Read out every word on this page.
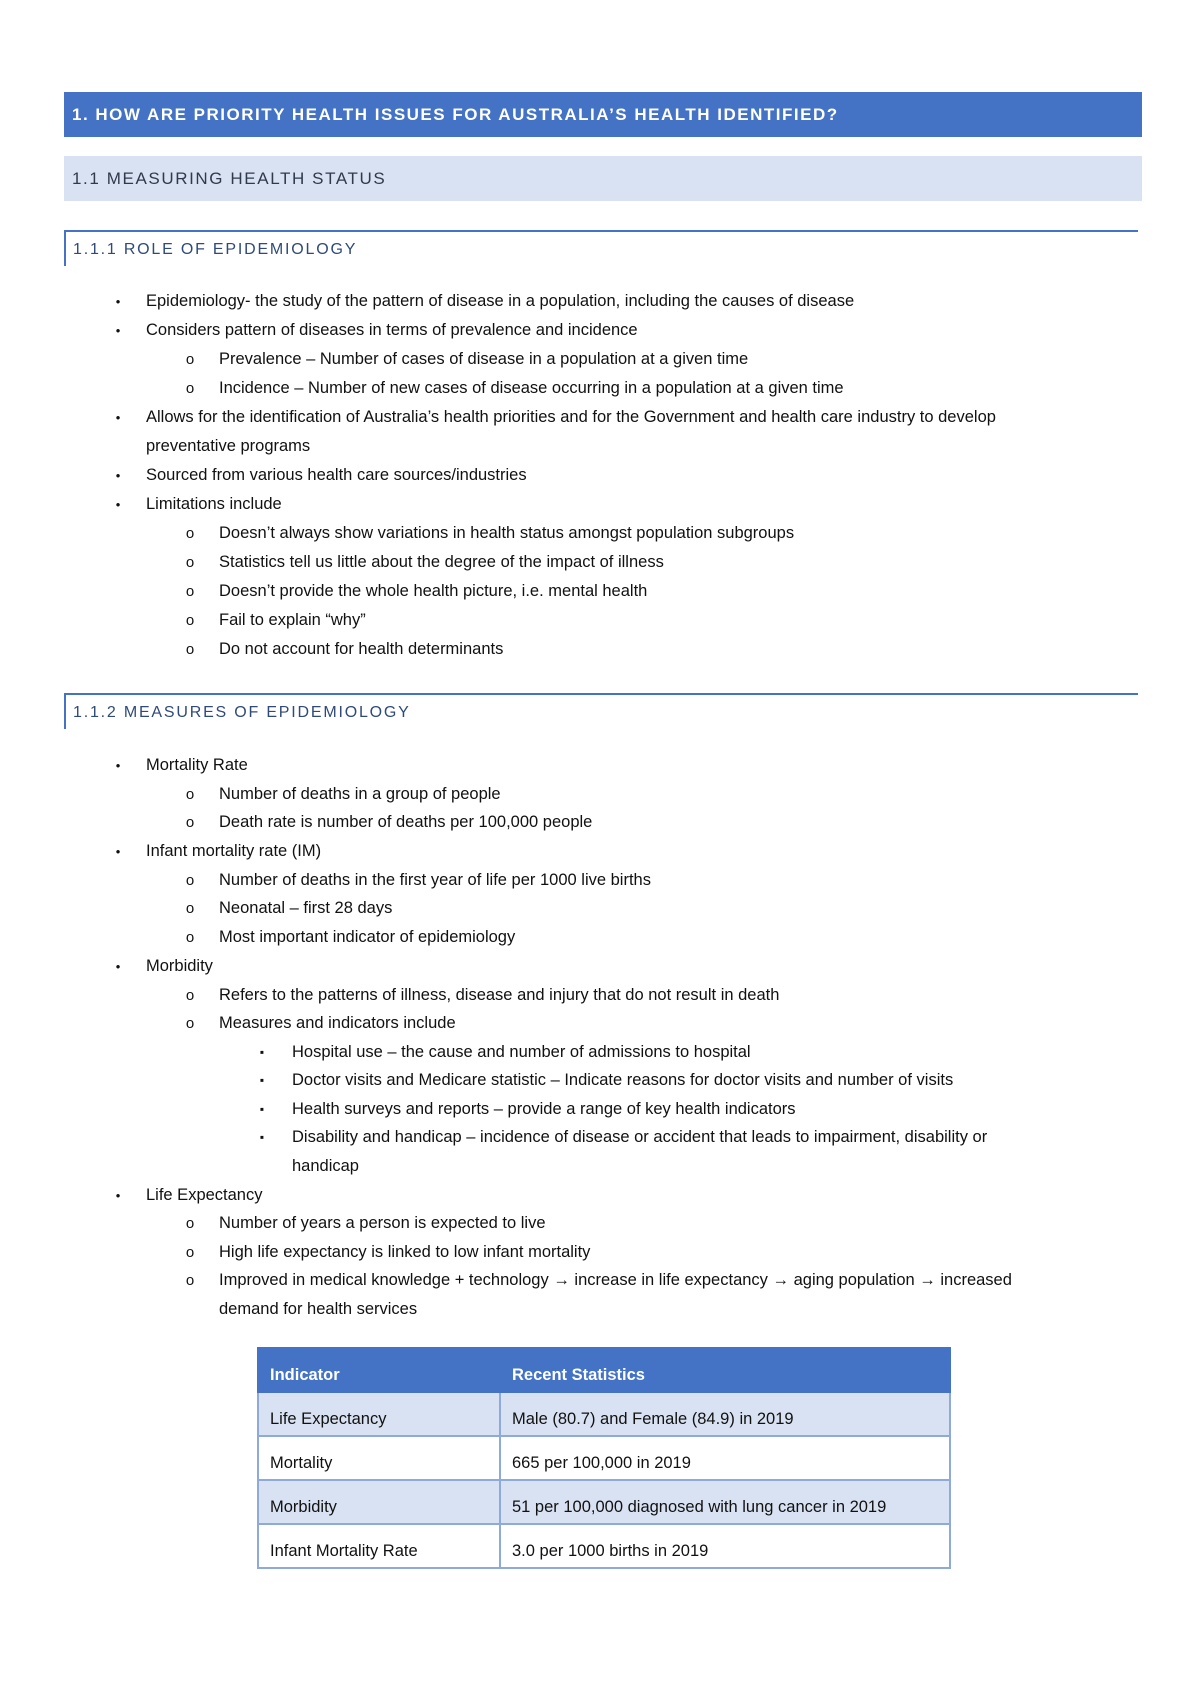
1. HOW ARE PRIORITY HEALTH ISSUES FOR AUSTRALIA’S HEALTH IDENTIFIED?
1.1 MEASURING HEALTH STATUS
1.1.1 ROLE OF EPIDEMIOLOGY
•	Epidemiology- the study of the pattern of disease in a population, including the causes of disease
•	Considers pattern of diseases in terms of prevalence and incidence
o	Prevalence – Number of cases of disease in a population at a given time
o	Incidence – Number of new cases of disease occurring in a population at a given time
•	Allows for the identification of Australia’s health priorities and for the Government and health care industry to develop
preventative programs
•	Sourced from various health care sources/industries
•	Limitations include
o	Doesn’t always show variations in health status amongst population subgroups
o	Statistics tell us little about the degree of the impact of illness
o	Doesn’t provide the whole health picture, i.e. mental health
o	Fail to explain “why”
o	Do not account for health determinants
1.1.2 MEASURES OF EPIDEMIOLOGY
•	Mortality Rate
o	Number of deaths in a group of people
o	Death rate is number of deaths per 100,000 people
•	Infant mortality rate (IM)
o	Number of deaths in the first year of life per 1000 live births
o	Neonatal – first 28 days
o	Most important indicator of epidemiology
•	Morbidity
o	Refers to the patterns of illness, disease and injury that do not result in death
o	Measures and indicators include
▪	Hospital use – the cause and number of admissions to hospital
▪	Doctor visits and Medicare statistic – Indicate reasons for doctor visits and number of visits
▪	Health surveys and reports – provide a range of key health indicators
▪	Disability and handicap – incidence of disease or accident that leads to impairment, disability or
handicap
•	Life Expectancy
o	Number of years a person is expected to live
o	High life expectancy is linked to low infant mortality
o	Improved in medical knowledge + technology → increase in life expectancy → aging population → increased
demand for health services
Indicator	Recent Statistics
Life Expectancy	Male (80.7) and Female (84.9) in 2019
Mortality	665 per 100,000 in 2019
Morbidity	51 per 100,000 diagnosed with lung cancer in 2019
Infant Mortality Rate	3.0 per 1000 births in 2019
